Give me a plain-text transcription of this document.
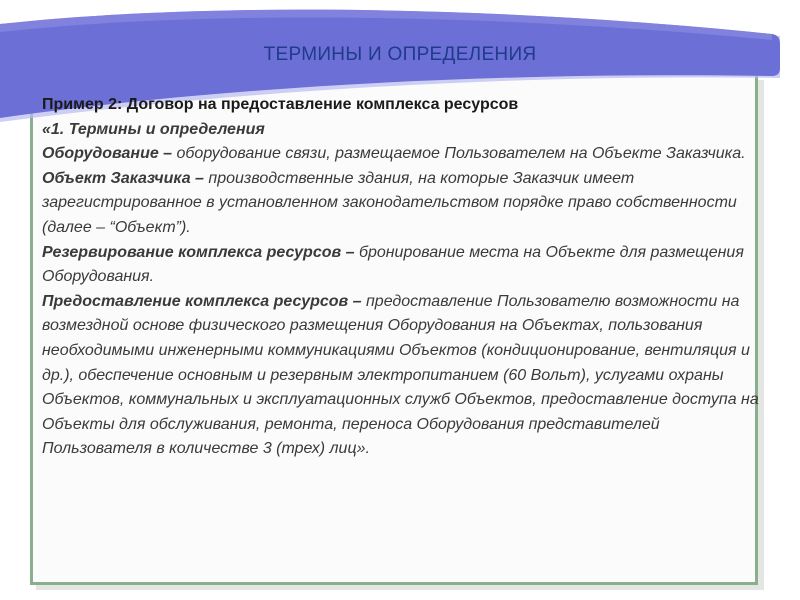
ТЕРМИНЫ И ОПРЕДЕЛЕНИЯ

Пример 2: Договор на предоставление комплекса ресурсов

«1. Термины и определения

Оборудование – оборудование связи, размещаемое Пользователем на Объекте Заказчика.

Объект Заказчика – производственные здания, на которые Заказчик имеет зарегистрированное в установленном законодательством порядке право собственности (далее – “Объект”).

Резервирование комплекса ресурсов – бронирование места на Объекте для размещения Оборудования.

Предоставление комплекса ресурсов – предоставление Пользователю возможности на возмездной основе физического размещения Оборудования на Объектах, пользования необходимыми инженерными коммуникациями Объектов (кондиционирование, вентиляция и др.), обеспечение основным и резервным электропитанием (60 Вольт), услугами охраны Объектов, коммунальных и эксплуатационных служб Объектов, предоставление доступа на Объекты для обслуживания, ремонта, переноса Оборудования представителей Пользователя в количестве 3 (трех) лиц».
